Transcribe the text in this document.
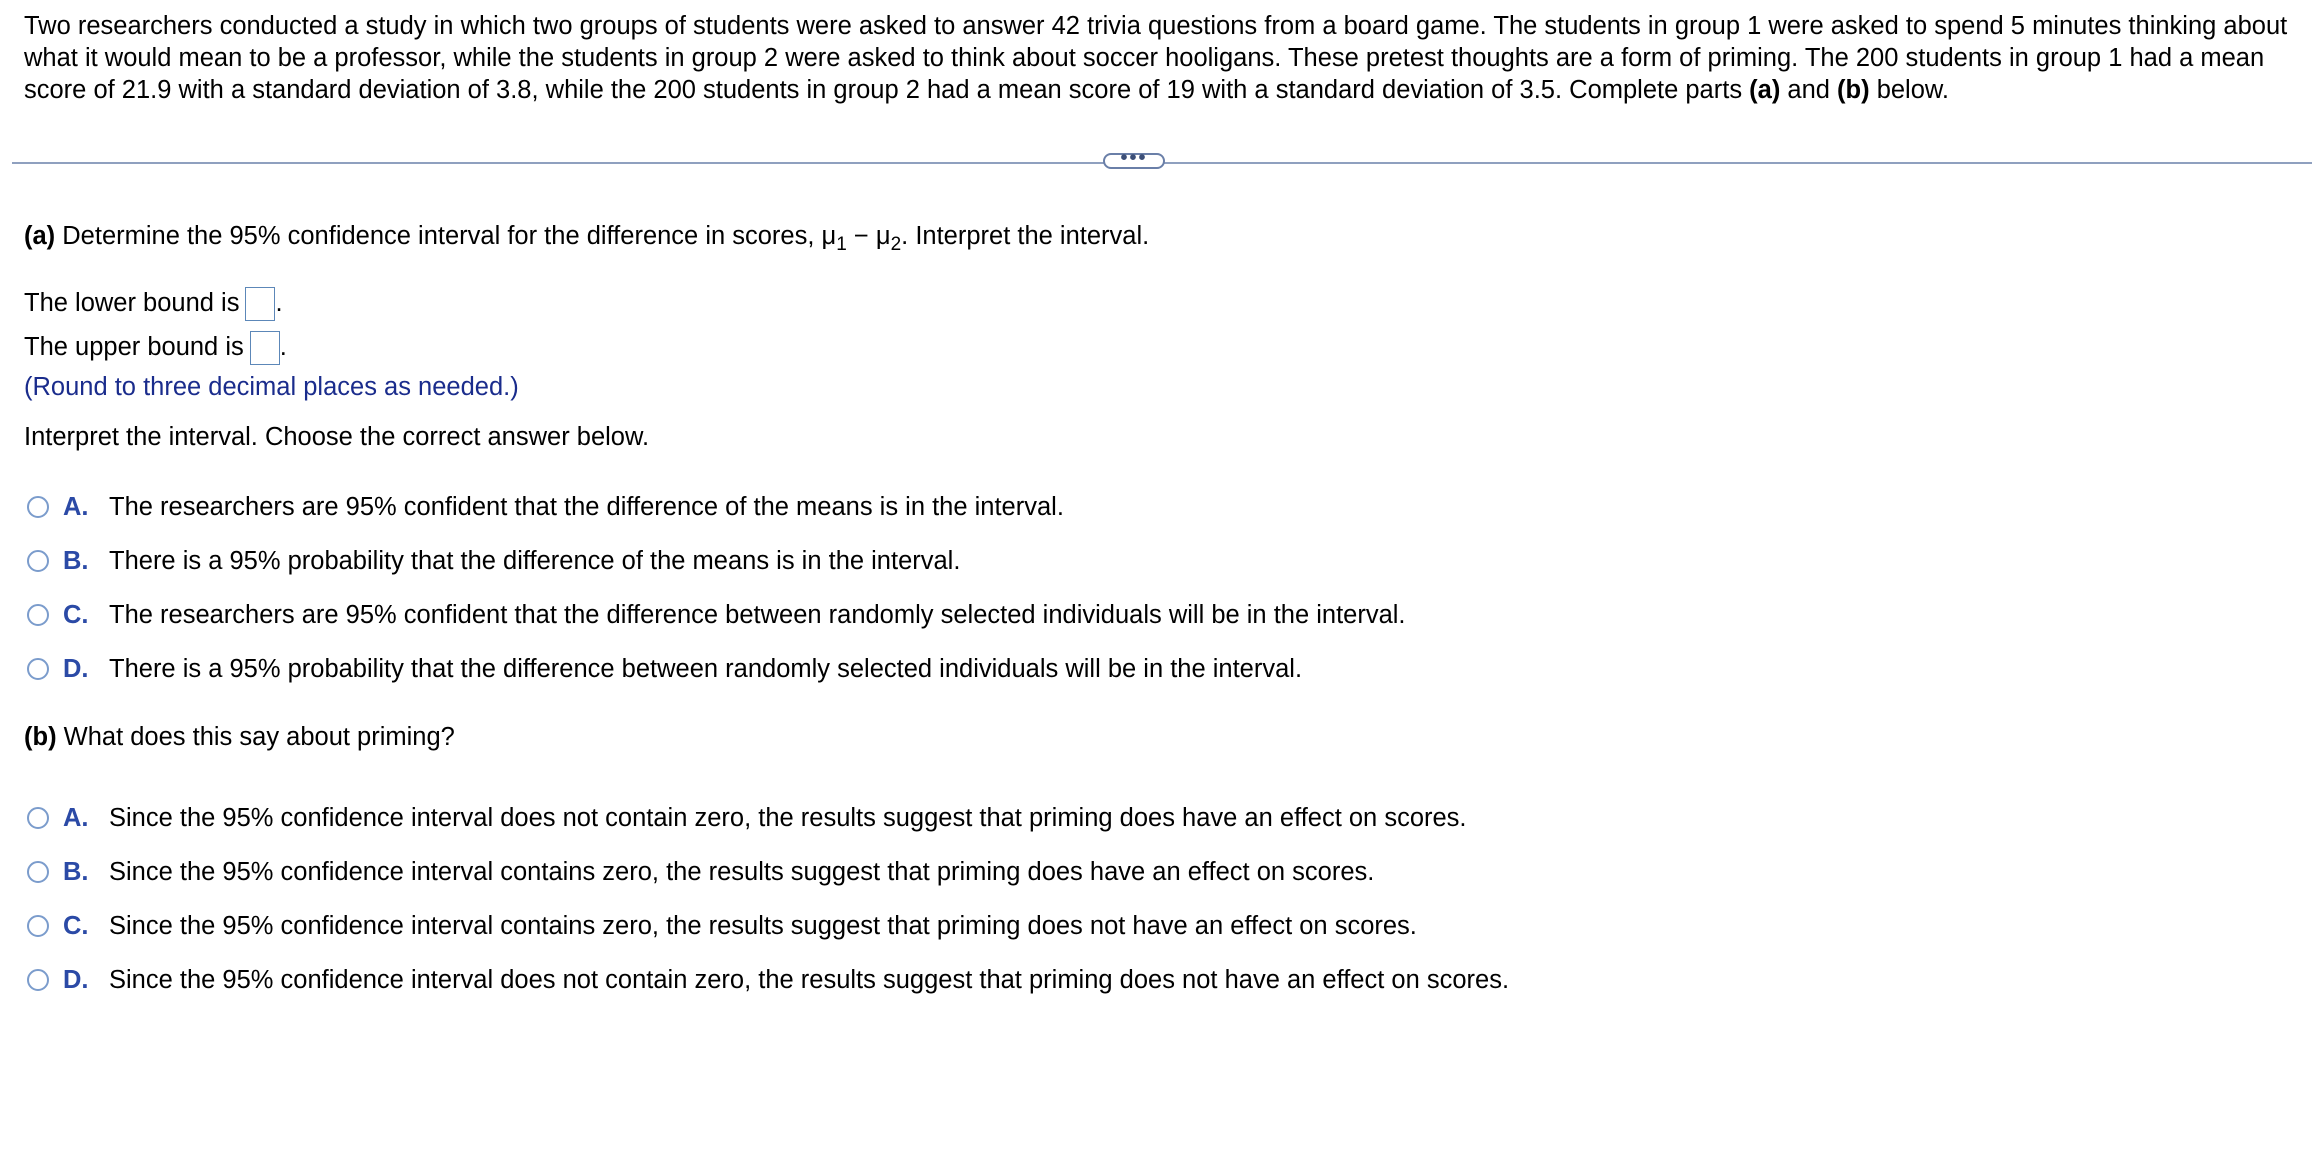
Two researchers conducted a study in which two groups of students were asked to answer 42 trivia questions from a board game. The students in group 1 were asked to spend 5 minutes thinking about what it would mean to be a professor, while the students in group 2 were asked to think about soccer hooligans. These pretest thoughts are a form of priming. The 200 students in group 1 had a mean score of 21.9 with a standard deviation of 3.8, while the 200 students in group 2 had a mean score of 19 with a standard deviation of 3.5. Complete parts (a) and (b) below.
•••
(a) Determine the 95% confidence interval for the difference in scores, $\mu_1 - \mu_2$. Interpret the interval.
The lower bound is .
The upper bound is .
(Round to three decimal places as needed.)
Interpret the interval. Choose the correct answer below.
A. The researchers are 95% confident that the difference of the means is in the interval.
B. There is a 95% probability that the difference of the means is in the interval.
C. The researchers are 95% confident that the difference between randomly selected individuals will be in the interval.
D. There is a 95% probability that the difference between randomly selected individuals will be in the interval.
(b) What does this say about priming?
A. Since the 95% confidence interval does not contain zero, the results suggest that priming does have an effect on scores.
B. Since the 95% confidence interval contains zero, the results suggest that priming does have an effect on scores.
C. Since the 95% confidence interval contains zero, the results suggest that priming does not have an effect on scores.
D. Since the 95% confidence interval does not contain zero, the results suggest that priming does not have an effect on scores.
